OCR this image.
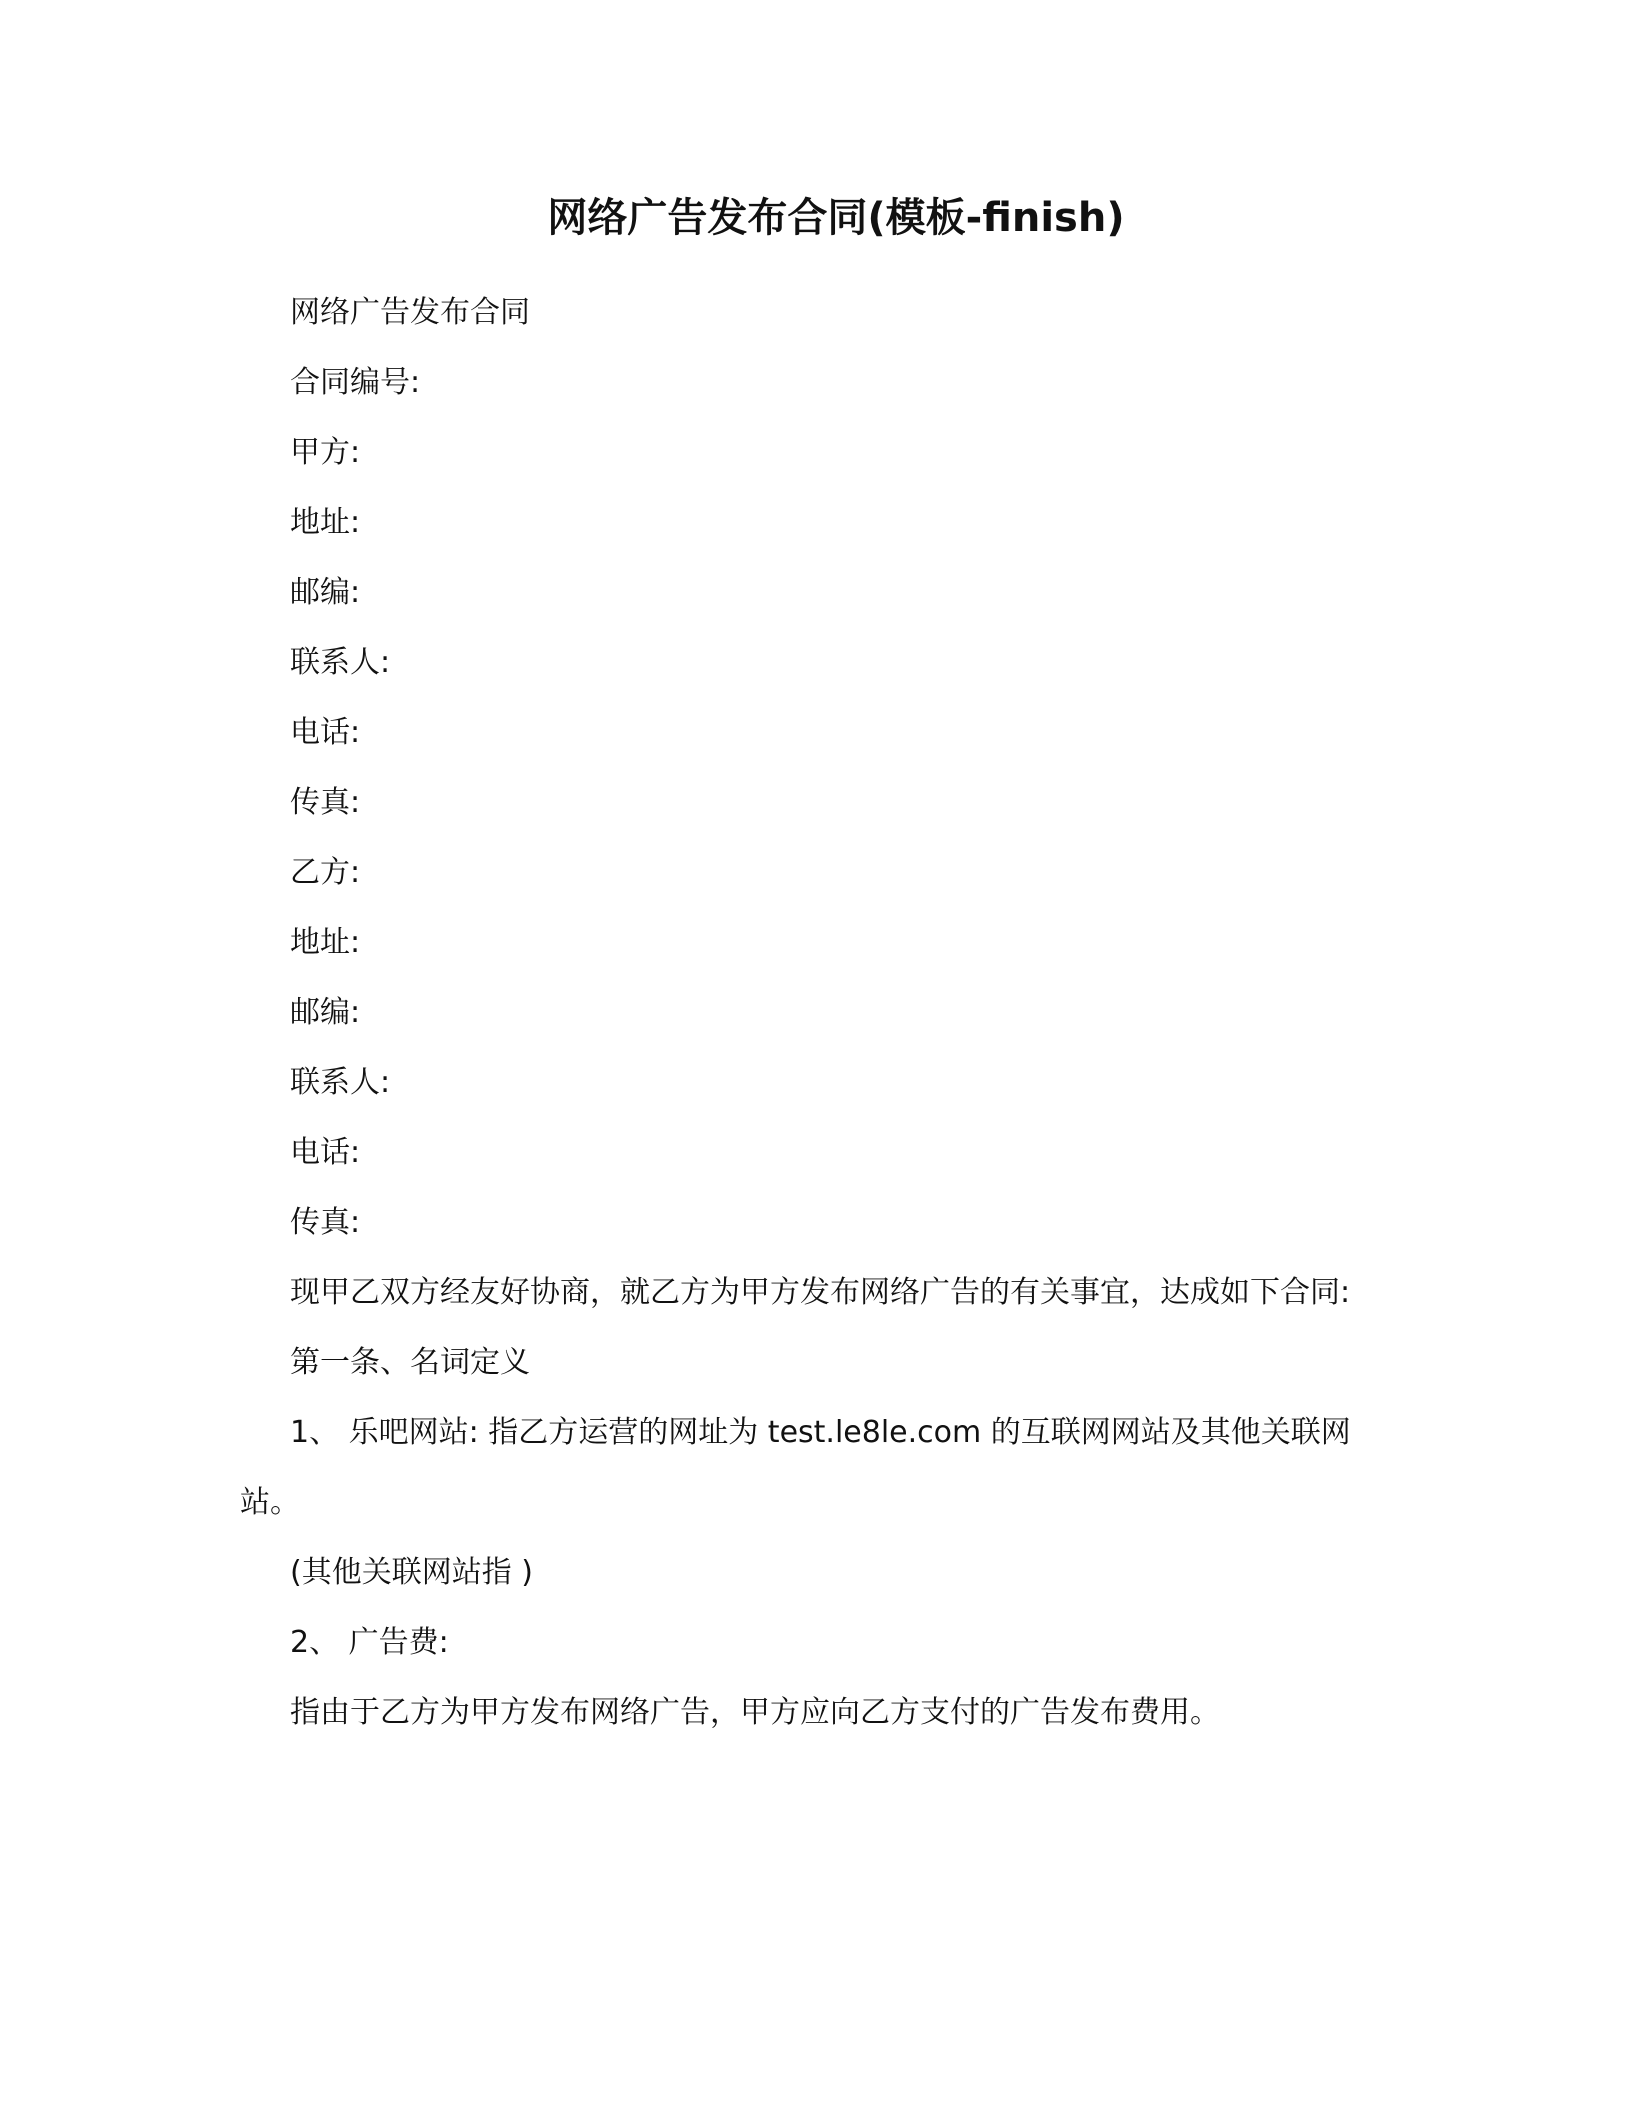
网络广告发布合同(模板-finish)

网络广告发布合同

合同编号:

甲方:

地址:

邮编:

联系人:

电话:

传真:

乙方:

地址:

邮编:

联系人:

电话:

传真:

现甲乙双方经友好协商，就乙方为甲方发布网络广告的有关事宜，达成如下合同:

第一条、名词定义

1、 乐吧网站: 指乙方运营的网址为 test.le8le.com 的互联网网站及其他关联网站。

(其他关联网站指 )

2、 广告费:

指由于乙方为甲方发布网络广告，甲方应向乙方支付的广告发布费用。
